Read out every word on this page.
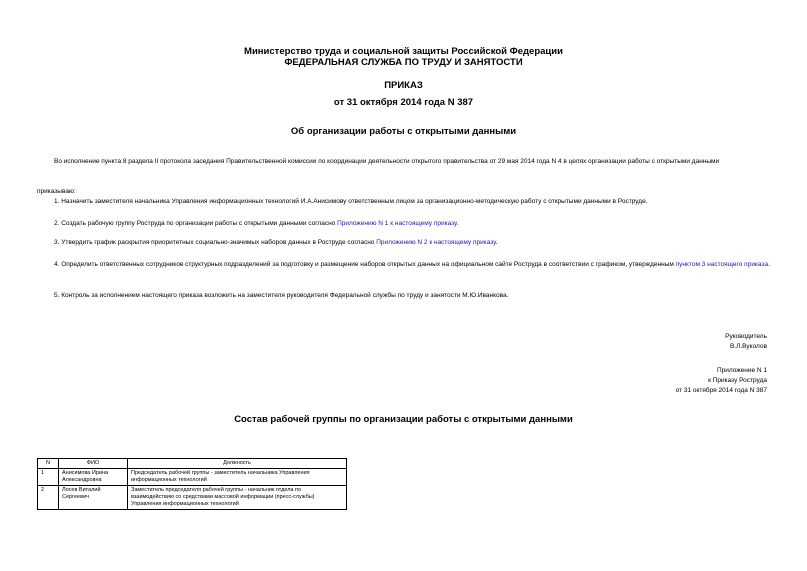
Министерство труда и социальной защиты Российской Федерации
ФЕДЕРАЛЬНАЯ СЛУЖБА ПО ТРУДУ И ЗАНЯТОСТИ
ПРИКАЗ
от 31 октября 2014 года N 387
Об организации работы с открытыми данными
Во исполнение пункта 8 раздела II протокола заседания Правительственной комиссии по координации деятельности открытого правительства от 29 мая 2014 года N 4 в целях организации работы с открытыми данными
приказываю:
1. Назначить заместителя начальника Управления информационных технологий И.А.Анисимову ответственным лицом за организационно-методическую работу с открытыми данными в Роструде.
2. Создать рабочую группу Роструда по организации работы с открытыми данными согласно Приложению N 1 к настоящему приказу.
3. Утвердить график раскрытия приоритетных социально-значимых наборов данных в Роструде согласно Приложению N 2 к настоящему приказу.
4. Определить ответственных сотрудников структурных подразделений за подготовку и размещение наборов открытых данных на официальном сайте Роструда в соответствии с графиком, утвержденным пунктом 3 настоящего приказа.
5. Контроль за исполнением настоящего приказа возложить на заместителя руководителя Федеральной службы по труду и занятости М.Ю.Иванкова.
Руководитель
В.Л.Вуколов
Приложение N 1
к Приказу Роструда
от 31 октября 2014 года N 387
Состав рабочей группы по организации работы с открытыми данными
N	ФИО	Должность
1	Анисимова Ирина Александровна	Председатель рабочей группы - заместитель начальника Управления информационных технологий
2	Лосев Виталий Сергеевич	Заместитель председателя рабочей группы - начальник отдела по взаимодействию со средствами массовой информации (пресс-службы) Управления информационных технологий
